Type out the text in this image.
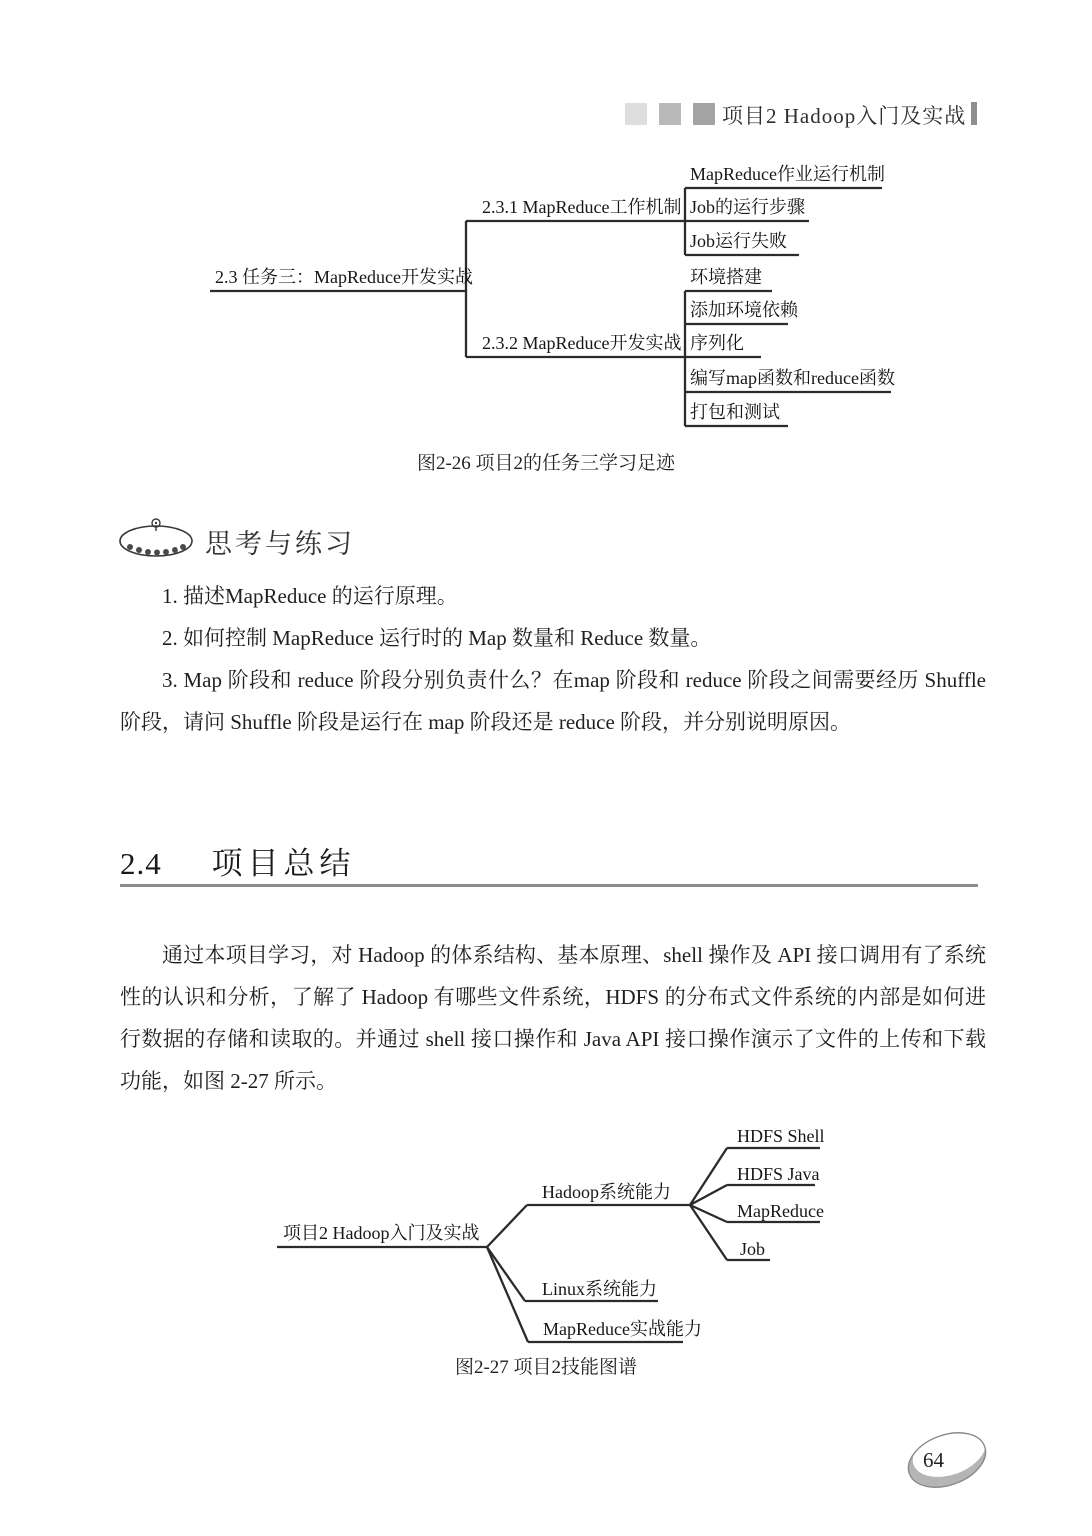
项目2 Hadoop入门及实战
2.3 任务三：MapReduce开发实战
2.3.1 MapReduce工作机制
MapReduce作业运行机制
Job的运行步骤
Job运行失败
2.3.2 MapReduce开发实战
环境搭建
添加环境依赖
序列化
编写map函数和reduce函数
打包和测试
图2-26 项目2的任务三学习足迹
思考与练习

1. 描述MapReduce 的运行原理。

2. 如何控制 MapReduce 运行时的 Map 数量和 Reduce 数量。

3. Map 阶段和 reduce 阶段分别负责什么？在map 阶段和 reduce 阶段之间需要经历 Shuffle 阶段，请问 Shuffle 阶段是运行在 map 阶段还是 reduce 阶段，并分别说明原因。

2.4 项目总结

通过本项目学习，对 Hadoop 的体系结构、基本原理、shell 操作及 API 接口调用有了系统性的认识和分析，了解了 Hadoop 有哪些文件系统，HDFS 的分布式文件系统的内部是如何进行数据的存储和读取的。并通过 shell 接口操作和 Java API 接口操作演示了文件的上传和下载功能，如图 2-27 所示。

项目2 Hadoop入门及实战
Hadoop系统能力
Linux系统能力
MapReduce实战能力
HDFS Shell
HDFS Java
MapReduce
Job
图2-27 项目2技能图谱
64
